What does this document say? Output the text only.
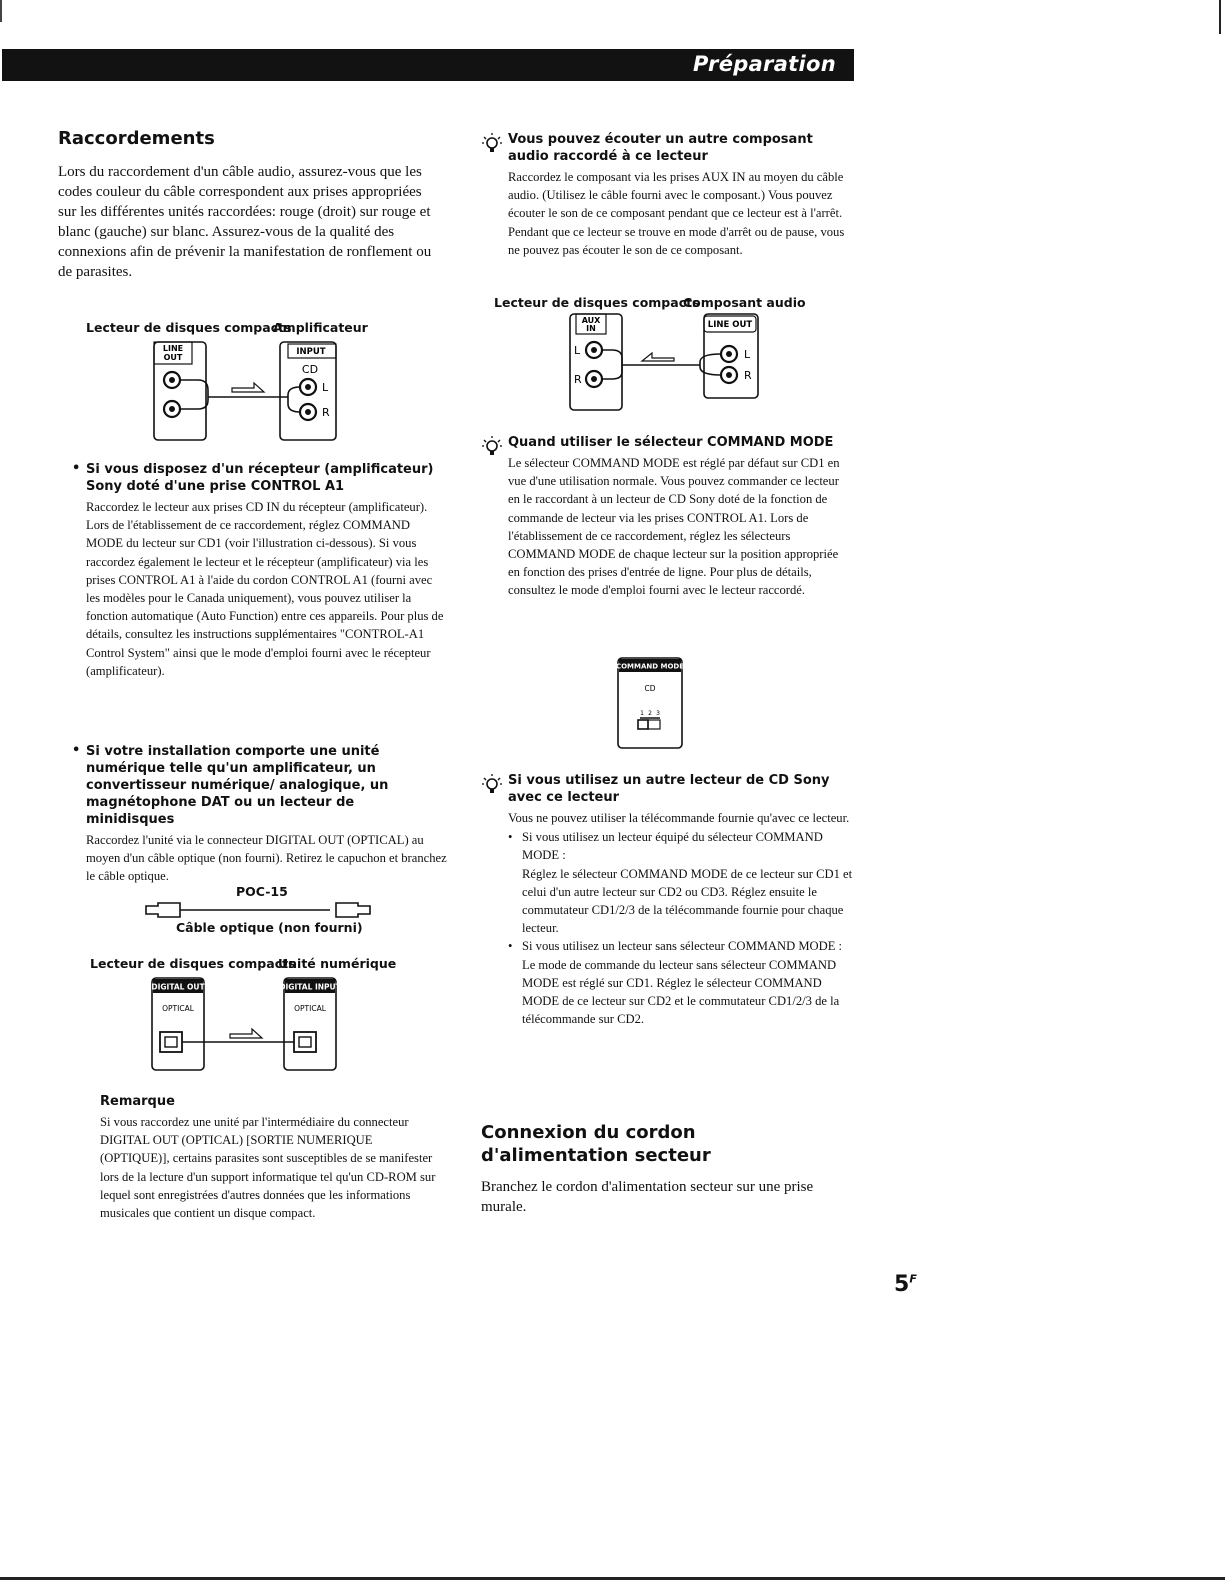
Préparation
Raccordements

Lors du raccordement d'un câble audio, assurez-vous que les codes couleur du câble correspondent aux prises appropriées sur les différentes unités raccordées: rouge (droit) sur rouge et blanc (gauche) sur blanc. Assurez-vous de la qualité des connexions afin de prévenir la manifestation de ronflement ou de parasites.

Lecteur de disques compacts
Amplificateur
LINE
OUT
INPUT
CD
L
R
• Si vous disposez d'un récepteur (amplificateur) Sony doté d'une prise CONTROL A1

Raccordez le lecteur aux prises CD IN du récepteur (amplificateur). Lors de l'établissement de ce raccordement, réglez COMMAND MODE du lecteur sur CD1 (voir l'illustration ci-dessous). Si vous raccordez également le lecteur et le récepteur (amplificateur) via les prises CONTROL A1 à l'aide du cordon CONTROL A1 (fourni avec les modèles pour le Canada uniquement), vous pouvez utiliser la fonction automatique (Auto Function) entre ces appareils. Pour plus de détails, consultez les instructions supplémentaires "CONTROL-A1 Control System" ainsi que le mode d'emploi fourni avec le récepteur (amplificateur).

• Si votre installation comporte une unité numérique telle qu'un amplificateur, un convertisseur numérique/ analogique, un magnétophone DAT ou un lecteur de minidisques

Raccordez l'unité via le connecteur DIGITAL OUT (OPTICAL) au moyen d'un câble optique (non fourni). Retirez le capuchon et branchez le câble optique.

POC-15
Câble optique (non fourni)
Lecteur de disques compacts
Unité numérique
DIGITAL OUT
OPTICAL
DIGITAL INPUT
OPTICAL

Remarque

Si vous raccordez une unité par l'intermédiaire du connecteur DIGITAL OUT (OPTICAL) [SORTIE NUMERIQUE (OPTIQUE)], certains parasites sont susceptibles de se manifester lors de la lecture d'un support informatique tel qu'un CD-ROM sur lequel sont enregistrées d'autres données que les informations musicales que contient un disque compact.

Vous pouvez écouter un autre composant audio raccordé à ce lecteur

Raccordez le composant via les prises AUX IN au moyen du câble audio. (Utilisez le câble fourni avec le composant.) Vous pouvez écouter le son de ce composant pendant que ce lecteur est à l'arrêt. Pendant que ce lecteur se trouve en mode d'arrêt ou de pause, vous ne pouvez pas écouter le son de ce composant.

Lecteur de disques compacts
Composant audio
AUX
IN
L
R
LINE OUT
L
R

Quand utiliser le sélecteur COMMAND MODE

Le sélecteur COMMAND MODE est réglé par défaut sur CD1 en vue d'une utilisation normale. Vous pouvez commander ce lecteur en le raccordant à un lecteur de CD Sony doté de la fonction de commande de lecteur via les prises CONTROL A1. Lors de l'établissement de ce raccordement, réglez les sélecteurs COMMAND MODE de chaque lecteur sur la position appropriée en fonction des prises d'entrée de ligne. Pour plus de détails, consultez le mode d'emploi fourni avec le lecteur raccordé.

COMMAND MODE
CD
1 2 3

Si vous utilisez un autre lecteur de CD Sony avec ce lecteur

Vous ne pouvez utiliser la télécommande fournie qu'avec ce lecteur.

• Si vous utilisez un lecteur équipé du sélecteur COMMAND MODE :
Réglez le sélecteur COMMAND MODE de ce lecteur sur CD1 et celui d'un autre lecteur sur CD2 ou CD3. Réglez ensuite le commutateur CD1/2/3 de la télécommande fournie pour chaque lecteur.
• Si vous utilisez un lecteur sans sélecteur COMMAND MODE :
Le mode de commande du lecteur sans sélecteur COMMAND MODE est réglé sur CD1. Réglez le sélecteur COMMAND MODE de ce lecteur sur CD2 et le commutateur CD1/2/3 de la télécommande sur CD2.
Connexion du cordon d'alimentation secteur

Branchez le cordon d'alimentation secteur sur une prise murale.

$5^F$
